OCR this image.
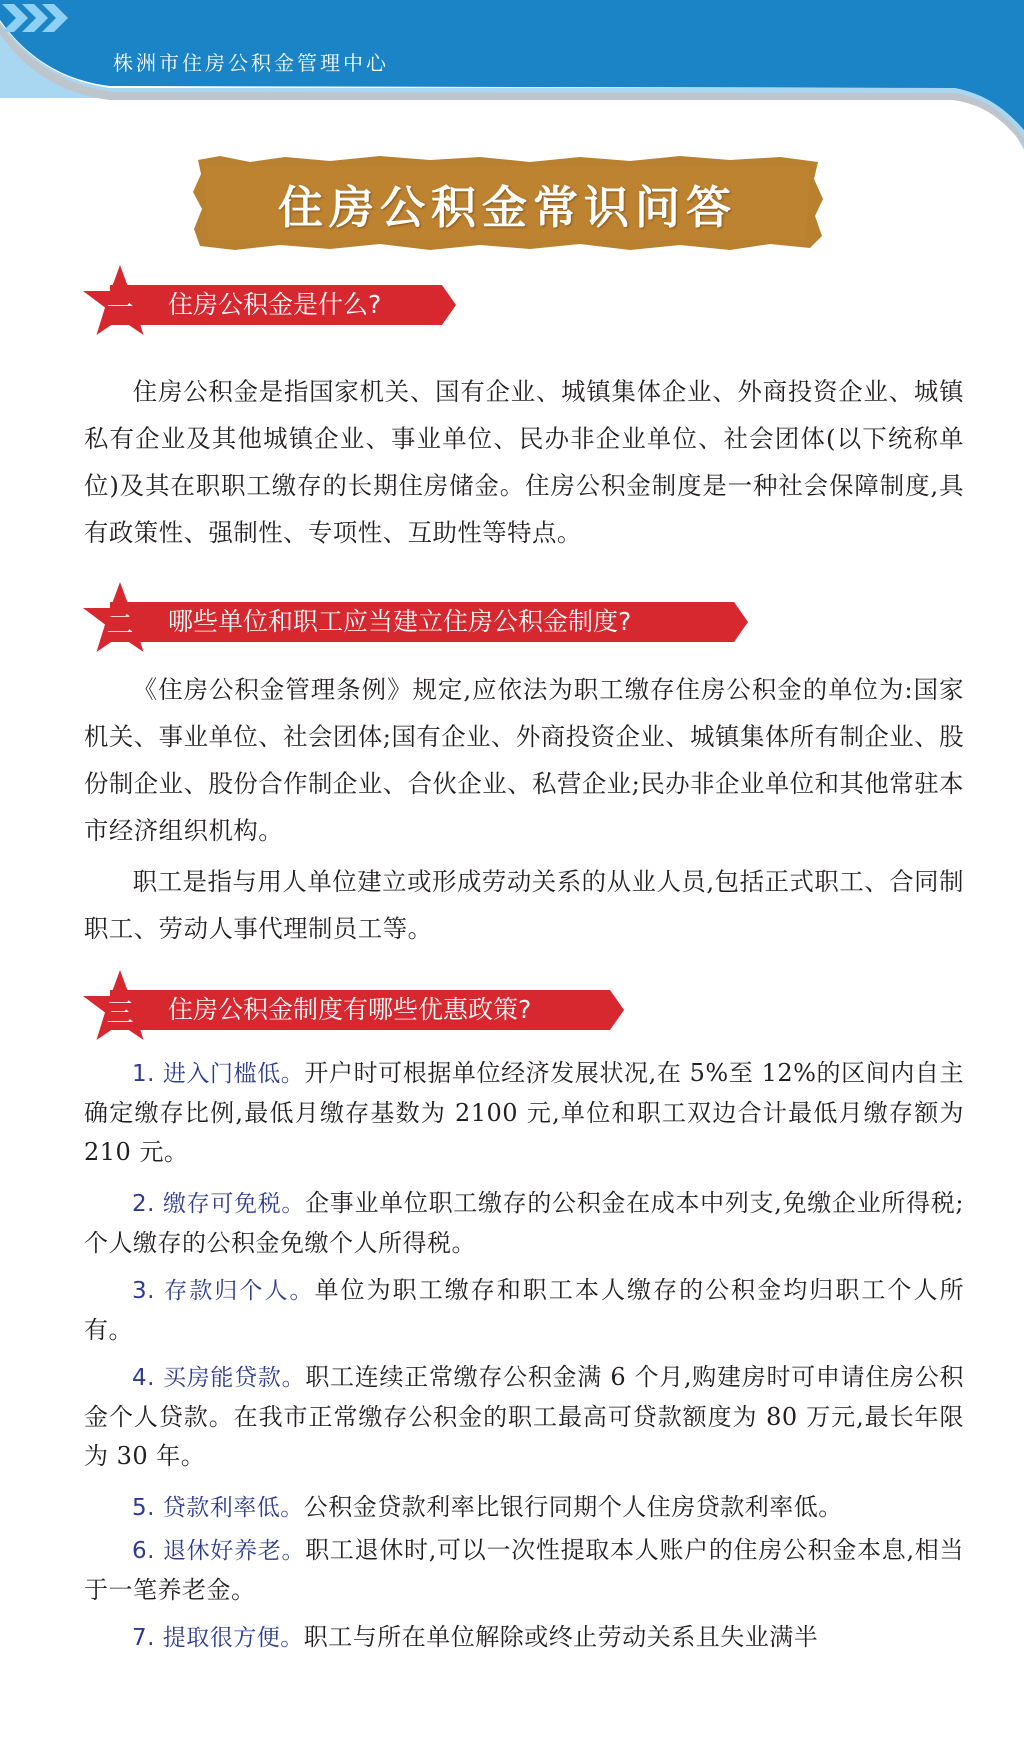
株洲市住房公积金管理中心
住房公积金常识问答
一	住房公积金是什么?
住房公积金是指国家机关、国有企业、城镇集体企业、外商投资企业、城镇私有企业及其他城镇企业、事业单位、民办非企业单位、社会团体(以下统称单位)及其在职职工缴存的长期住房储金。住房公积金制度是一种社会保障制度,具有政策性、强制性、专项性、互助性等特点。
二	哪些单位和职工应当建立住房公积金制度?
《住房公积金管理条例》规定,应依法为职工缴存住房公积金的单位为:国家机关、事业单位、社会团体;国有企业、外商投资企业、城镇集体所有制企业、股份制企业、股份合作制企业、合伙企业、私营企业;民办非企业单位和其他常驻本市经济组织机构。
职工是指与用人单位建立或形成劳动关系的从业人员,包括正式职工、合同制职工、劳动人事代理制员工等。
三	住房公积金制度有哪些优惠政策?
1. 进入门槛低。开户时可根据单位经济发展状况,在 5%至 12%的区间内自主确定缴存比例,最低月缴存基数为 2100 元,单位和职工双边合计最低月缴存额为 210 元。
2. 缴存可免税。企事业单位职工缴存的公积金在成本中列支,免缴企业所得税;个人缴存的公积金免缴个人所得税。
3. 存款归个人。单位为职工缴存和职工本人缴存的公积金均归职工个人所有。
4. 买房能贷款。职工连续正常缴存公积金满 6 个月,购建房时可申请住房公积金个人贷款。在我市正常缴存公积金的职工最高可贷款额度为 80 万元,最长年限为 30 年。
5. 贷款利率低。公积金贷款利率比银行同期个人住房贷款利率低。
6. 退休好养老。职工退休时,可以一次性提取本人账户的住房公积金本息,相当于一笔养老金。
7. 提取很方便。职工与所在单位解除或终止劳动关系且失业满半
